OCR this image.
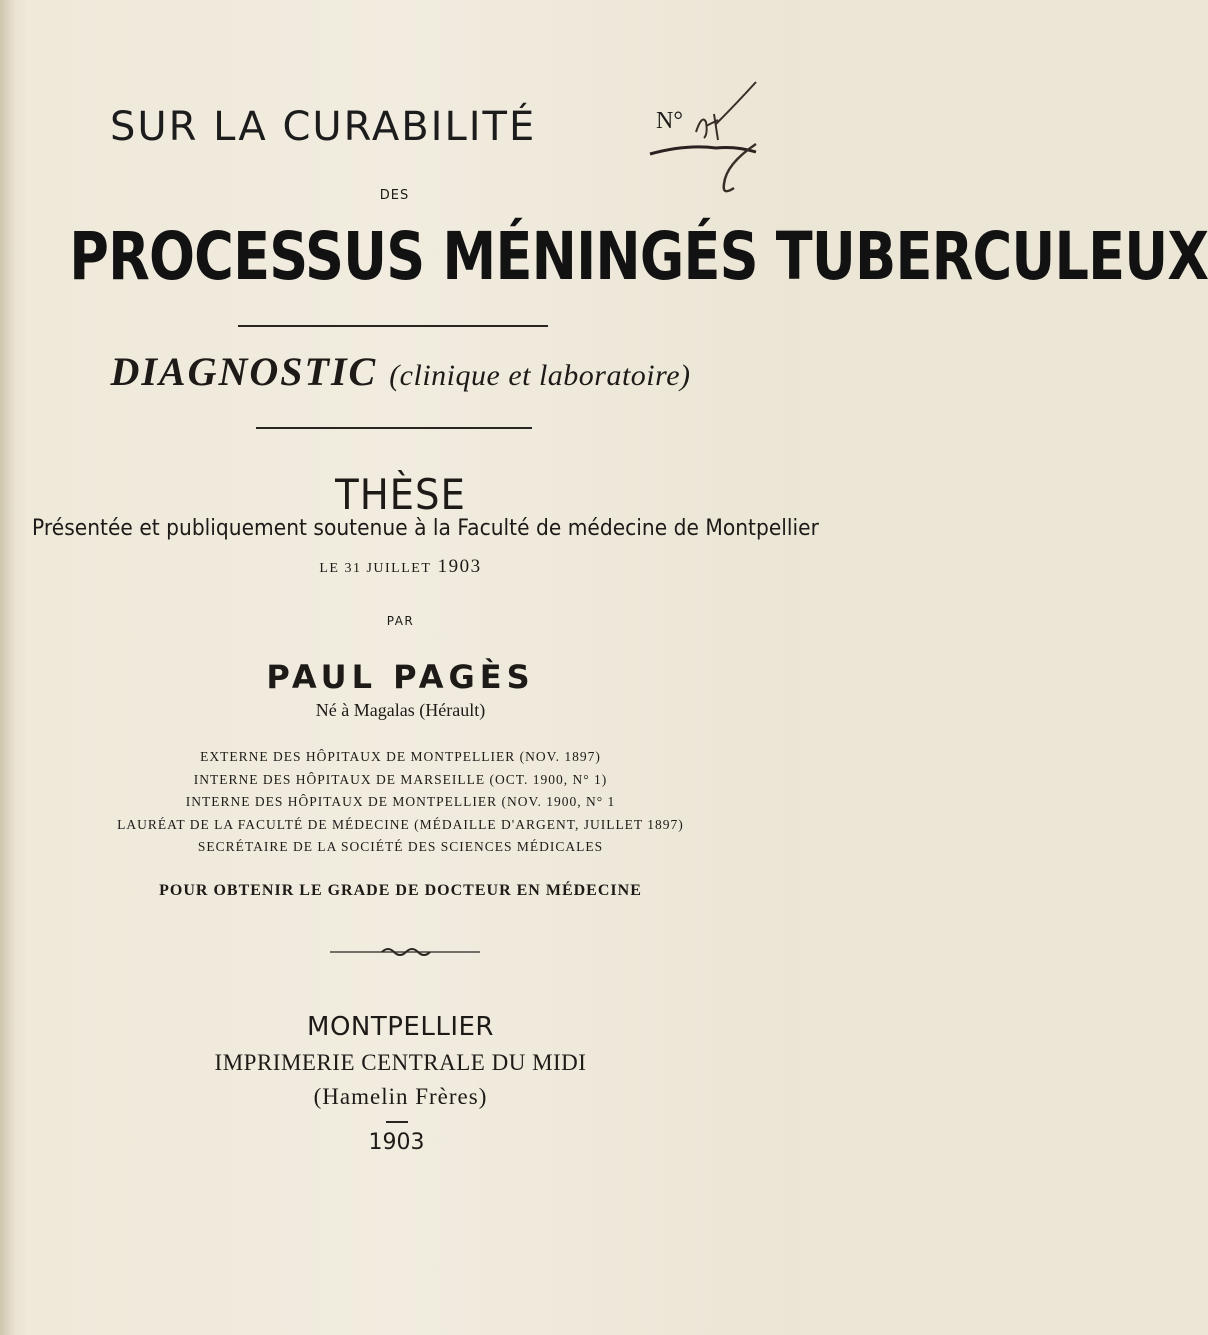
SUR LA CURABILITÉ	N°
DES
PROCESSUS MÉNINGÉS TUBERCULEUX
DIAGNOSTIC (clinique et laboratoire)
THÈSE
Présentée et publiquement soutenue à la Faculté de médecine de Montpellier
LE 31 JUILLET 1903
PAR
PAUL PAGÈS
Né à Magalas (Hérault)
EXTERNE DES HÔPITAUX DE MONTPELLIER (NOV. 1897)
INTERNE DES HÔPITAUX DE MARSEILLE (OCT. 1900, N° 1)
INTERNE DES HÔPITAUX DE MONTPELLIER (NOV. 1900, N° 1
LAURÉAT DE LA FACULTÉ DE MÉDECINE (MÉDAILLE D'ARGENT, JUILLET 1897)
SECRÉTAIRE DE LA SOCIÉTÉ DES SCIENCES MÉDICALES
POUR OBTENIR LE GRADE DE DOCTEUR EN MÉDECINE
MONTPELLIER
IMPRIMERIE CENTRALE DU MIDI
(Hamelin Frères)
1903
